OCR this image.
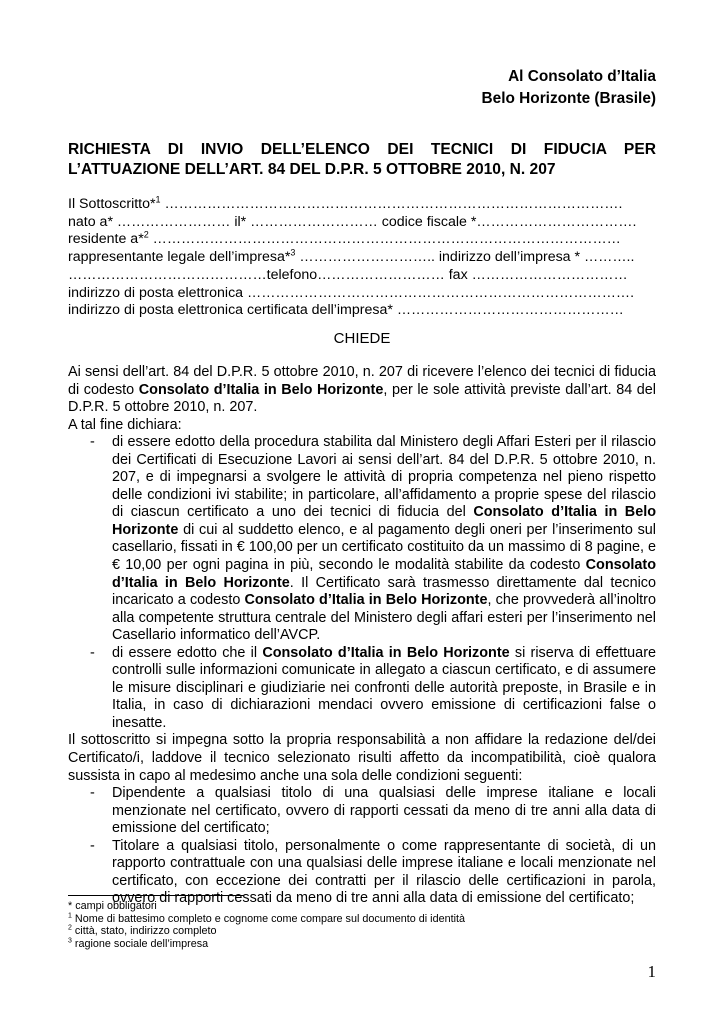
Al Consolato d’Italia

Belo Horizonte (Brasile)

RICHIESTA DI INVIO DELL’ELENCO DEI TECNICI DI FIDUCIA PER L’ATTUAZIONE DELL’ART. 84 DEL D.P.R. 5 OTTOBRE 2010, N. 207

Il Sottoscritto*$^1$ …………………………………………………………………………………….
nato a* …………………… il* ……………………… codice fiscale *…………………………….
residente a*$^2$ ………………………………………………………………………………………
rappresentante legale dell’impresa*$^3$ ……………………….. indirizzo dell’impresa * ………..
……………………………………telefono……………………… fax ……………………………
indirizzo di posta elettronica ……………………………………………………………………….
indirizzo di posta elettronica certificata dell’impresa* …………………………………………

CHIEDE

Ai sensi dell’art. 84 del D.P.R. 5 ottobre 2010, n. 207 di ricevere l’elenco dei tecnici di fiducia di codesto Consolato d’Italia in Belo Horizonte, per le sole attività previste dall’art. 84 del D.P.R. 5 ottobre 2010, n. 207.

A tal fine dichiara:

- di essere edotto della procedura stabilita dal Ministero degli Affari Esteri per il rilascio dei Certificati di Esecuzione Lavori ai sensi dell’art. 84 del D.P.R. 5 ottobre 2010, n. 207, e di impegnarsi a svolgere le attività di propria competenza nel pieno rispetto delle condizioni ivi stabilite; in particolare, all’affidamento a proprie spese del rilascio di ciascun certificato a uno dei tecnici di fiducia del Consolato d’Italia in Belo Horizonte di cui al suddetto elenco, e al pagamento degli oneri per l’inserimento sul casellario, fissati in € 100,00 per un certificato costituito da un massimo di 8 pagine, e € 10,00 per ogni pagina in più, secondo le modalità stabilite da codesto Consolato d’Italia in Belo Horizonte. Il Certificato sarà trasmesso direttamente dal tecnico incaricato a codesto Consolato d’Italia in Belo Horizonte, che provvederà all’inoltro alla competente struttura centrale del Ministero degli affari esteri per l’inserimento nel Casellario informatico dell’AVCP.
- di essere edotto che il Consolato d’Italia in Belo Horizonte si riserva di effettuare controlli sulle informazioni comunicate in allegato a ciascun certificato, e di assumere le misure disciplinari e giudiziarie nei confronti delle autorità preposte, in Brasile e in Italia, in caso di dichiarazioni mendaci ovvero emissione di certificazioni false o inesatte.

Il sottoscritto si impegna sotto la propria responsabilità a non affidare la redazione del/dei Certificato/i, laddove il tecnico selezionato risulti affetto da incompatibilità, cioè qualora sussista in capo al medesimo anche una sola delle condizioni seguenti:

- Dipendente a qualsiasi titolo di una qualsiasi delle imprese italiane e locali menzionate nel certificato, ovvero di rapporti cessati da meno di tre anni alla data di emissione del certificato;
- Titolare a qualsiasi titolo, personalmente o come rappresentante di società, di un rapporto contrattuale con una qualsiasi delle imprese italiane e locali menzionate nel certificato, con eccezione dei contratti per il rilascio delle certificazioni in parola, ovvero di rapporti cessati da meno di tre anni alla data di emissione del certificato;
* campi obbligatori
$^1$ Nome di battesimo completo e cognome come compare sul documento di identità
$^2$ città, stato, indirizzo completo
$^3$ ragione sociale dell’impresa
1
